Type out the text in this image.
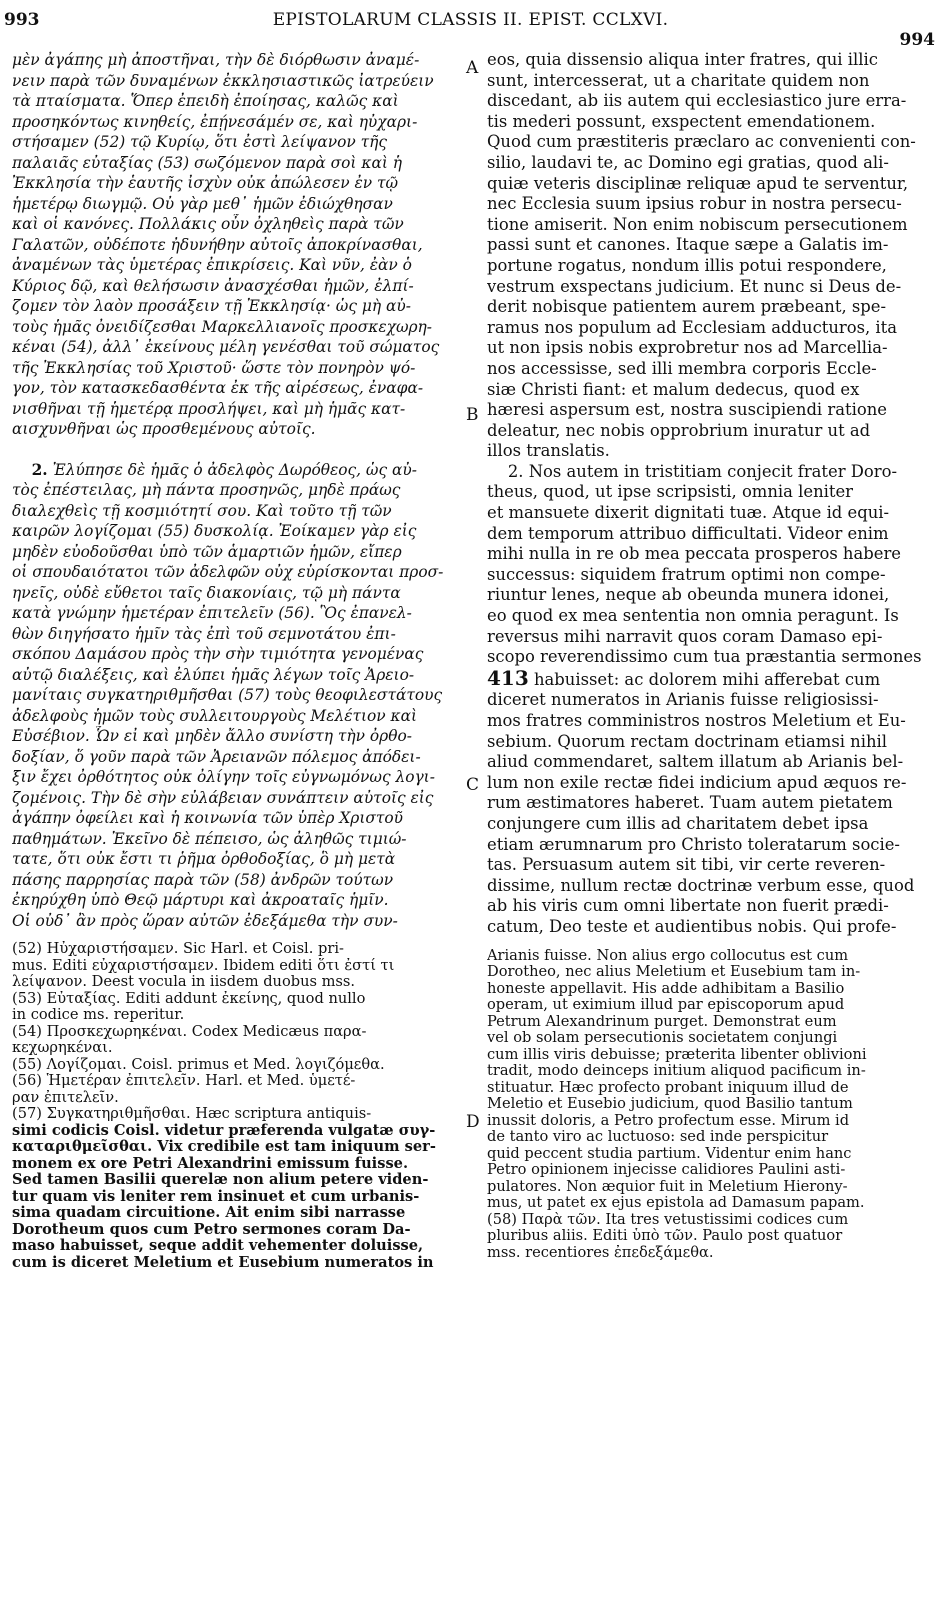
993	EPISTOLARUM CLASSIS II. EPIST. CCLXVI.
994
A
B
C
D
μὲν ἀγάπης μὴ ἀποστῆναι, τὴν δὲ διόρθωσιν ἀναμέ-
νειν παρὰ τῶν δυναμένων ἐκκλησιαστικῶς ἰατρεύειν
τὰ πταίσματα. Ὅπερ ἐπειδὴ ἐποίησας, καλῶς καὶ
προσηκόντως κινηθείς, ἐπῄνεσάμέν σε, καὶ ηὐχαρι-
στήσαμεν (52) τῷ Κυρίῳ, ὅτι ἐστὶ λείψανον τῆς
παλαιᾶς εὐταξίας (53) σωζόμενον παρὰ σοὶ καὶ ἡ
Ἐκκλησία τὴν ἑαυτῆς ἰσχὺν οὐκ ἀπώλεσεν ἐν τῷ
ἡμετέρῳ διωγμῷ. Οὐ γὰρ μεθ᾽ ἡμῶν ἐδιώχθησαν
καὶ οἱ κανόνες. Πολλάκις οὖν ὀχληθεὶς παρὰ τῶν
Γαλατῶν, οὐδέποτε ἠδυνήθην αὐτοῖς ἀποκρίνασθαι,
ἀναμένων τὰς ὑμετέρας ἐπικρίσεις. Καὶ νῦν, ἐὰν ὁ
Κύριος δῷ, καὶ θελήσωσιν ἀνασχέσθαι ἡμῶν, ἐλπί-
ζομεν τὸν λαὸν προσάξειν τῇ Ἐκκλησίᾳ· ὡς μὴ αὐ-
τοὺς ἡμᾶς ὀνειδίζεσθαι Μαρκελλιανοῖς προσκεχωρη-
κέναι (54), ἀλλ᾽ ἐκείνους μέλη γενέσθαι τοῦ σώματος
τῆς Ἐκκλησίας τοῦ Χριστοῦ· ὥστε τὸν πονηρὸν ψό-
γον, τὸν κατασκεδασθέντα ἐκ τῆς αἱρέσεως, ἐναφα-
νισθῆναι τῇ ἡμετέρᾳ προσλήψει, καὶ μὴ ἡμᾶς κατ-
αισχυνθῆναι ὡς προσθεμένους αὐτοῖς.
2. Ἐλύπησε δὲ ἡμᾶς ὁ ἀδελφὸς Δωρόθεος, ὡς αὐ-
τὸς ἐπέστειλας, μὴ πάντα προσηνῶς, μηδὲ πράως
διαλεχθεὶς τῇ κοσμιότητί σου. Καὶ τοῦτο τῇ τῶν
καιρῶν λογίζομαι (55) δυσκολίᾳ. Ἐοίκαμεν γὰρ εἰς
μηδὲν εὐοδοῦσθαι ὑπὸ τῶν ἁμαρτιῶν ἡμῶν, εἴπερ
οἱ σπουδαιότατοι τῶν ἀδελφῶν οὐχ εὑρίσκονται προσ-
ηνεῖς, οὐδὲ εὔθετοι ταῖς διακονίαις, τῷ μὴ πάντα
κατὰ γνώμην ἡμετέραν ἐπιτελεῖν (56). Ὃς ἐπανελ-
θὼν διηγήσατο ἡμῖν τὰς ἐπὶ τοῦ σεμνοτάτου ἐπι-
σκόπου Δαμάσου πρὸς τὴν σὴν τιμιότητα γενομένας
αὐτῷ διαλέξεις, καὶ ἐλύπει ἡμᾶς λέγων τοῖς Ἀρειο-
μανίταις συγκατηριθμῆσθαι (57) τοὺς θεοφιλεστάτους
ἀδελφοὺς ἡμῶν τοὺς συλλειτουργοὺς Μελέτιον καὶ
Εὐσέβιον. Ὧν εἰ καὶ μηδὲν ἄλλο συνίστη τὴν ὀρθο-
δοξίαν, ὅ γοῦν παρὰ τῶν Ἀρειανῶν πόλεμος ἀπόδει-
ξιν ἔχει ὀρθότητος οὐκ ὀλίγην τοῖς εὐγνωμόνως λογι-
ζομένοις. Τὴν δὲ σὴν εὐλάβειαν συνάπτειν αὐτοῖς εἰς
ἀγάπην ὀφείλει καὶ ἡ κοινωνία τῶν ὑπὲρ Χριστοῦ
παθημάτων. Ἐκεῖνο δὲ πέπεισο, ὡς ἀληθῶς τιμιώ-
τατε, ὅτι οὐκ ἔστι τι ῥῆμα ὀρθοδοξίας, ὃ μὴ μετὰ
πάσης παρρησίας παρὰ τῶν (58) ἀνδρῶν τούτων
ἐκηρύχθη ὑπὸ Θεῷ μάρτυρι καὶ ἀκροαταῖς ἡμῖν.
Οἱ οὐδ᾽ ἂν πρὸς ὥραν αὐτῶν ἐδεξάμεθα τὴν συν-
(52) Ηὐχαριστήσαμεν. Sic Harl. et Coisl. pri-
mus. Editi εὐχαριστήσαμεν. Ibidem editi ὅτι ἐστί τι
λείψανον. Deest vocula in iisdem duobus mss.
(53) Εὐταξίας. Editi addunt ἐκείνης, quod nullo
in codice ms. reperitur.
(54) Προσκεχωρηκέναι. Codex Medicæus παρα-
κεχωρηκέναι.
(55) Λογίζομαι. Coisl. primus et Med. λογιζόμεθα.
(56) Ἡμετέραν ἐπιτελεῖν. Harl. et Med. ὑμετέ-
ραν ἐπιτελεῖν.
(57) Συγκατηριθμῆσθαι. Hæc scriptura antiquis-
simi codicis Coisl. videtur præferenda vulgatæ συγ-
καταριθμεῖσθαι. Vix credibile est tam iniquum ser-
monem ex ore Petri Alexandrini emissum fuisse.
Sed tamen Basilii querelæ non alium petere viden-
tur quam vis leniter rem insinuet et cum urbanis-
sima quadam circuitione. Ait enim sibi narrasse
Dorotheum quos cum Petro sermones coram Da-
maso habuisset, seque addit vehementer doluisse,
cum is diceret Meletium et Eusebium numeratos in
eos, quia dissensio aliqua inter fratres, qui illic
sunt, intercesserat, ut a charitate quidem non
discedant, ab iis autem qui ecclesiastico jure erra-
tis mederi possunt, exspectent emendationem.
Quod cum præstiteris præclaro ac convenienti con-
silio, laudavi te, ac Domino egi gratias, quod ali-
quiæ veteris disciplinæ reliquæ apud te serventur,
nec Ecclesia suum ipsius robur in nostra persecu-
tione amiserit. Non enim nobiscum persecutionem
passi sunt et canones. Itaque sæpe a Galatis im-
portune rogatus, nondum illis potui respondere,
vestrum exspectans judicium. Et nunc si Deus de-
derit nobisque patientem aurem præbeant, spe-
ramus nos populum ad Ecclesiam adducturos, ita
ut non ipsis nobis exprobretur nos ad Marcellia-
nos accessisse, sed illi membra corporis Eccle-
siæ Christi fiant: et malum dedecus, quod ex
hæresi aspersum est, nostra suscipiendi ratione
deleatur, nec nobis opprobrium inuratur ut ad
illos translatis.
2. Nos autem in tristitiam conjecit frater Doro-
theus, quod, ut ipse scripsisti, omnia leniter
et mansuete dixerit dignitati tuæ. Atque id equi-
dem temporum attribuo difficultati. Videor enim
mihi nulla in re ob mea peccata prosperos habere
successus: siquidem fratrum optimi non compe-
riuntur lenes, neque ab obeunda munera idonei,
eo quod ex mea sententia non omnia peragunt. Is
reversus mihi narravit quos coram Damaso epi-
scopo reverendissimo cum tua præstantia sermones
413 habuisset: ac dolorem mihi afferebat cum
diceret numeratos in Arianis fuisse religiosissi-
mos fratres comministros nostros Meletium et Eu-
sebium. Quorum rectam doctrinam etiamsi nihil
aliud commendaret, saltem illatum ab Arianis bel-
lum non exile rectæ fidei indicium apud æquos re-
rum æstimatores haberet. Tuam autem pietatem
conjungere cum illis ad charitatem debet ipsa
etiam ærumnarum pro Christo toleratarum socie-
tas. Persuasum autem sit tibi, vir certe reveren-
dissime, nullum rectæ doctrinæ verbum esse, quod
ab his viris cum omni libertate non fuerit prædi-
catum, Deo teste et audientibus nobis. Qui profe-
Arianis fuisse. Non alius ergo collocutus est cum
Dorotheo, nec alius Meletium et Eusebium tam in-
honeste appellavit. His adde adhibitam a Basilio
operam, ut eximium illud par episcoporum apud
Petrum Alexandrinum purget. Demonstrat eum
vel ob solam persecutionis societatem conjungi
cum illis viris debuisse; præterita libenter oblivioni
tradit, modo deinceps initium aliquod pacificum in-
stituatur. Hæc profecto probant iniquum illud de
Meletio et Eusebio judicium, quod Basilio tantum
inussit doloris, a Petro profectum esse. Mirum id
de tanto viro ac luctuoso: sed inde perspicitur
quid peccent studia partium. Videntur enim hanc
Petro opinionem injecisse calidiores Paulini asti-
pulatores. Non æquior fuit in Meletium Hierony-
mus, ut patet ex ejus epistola ad Damasum papam.
(58) Παρὰ τῶν. Ita tres vetustissimi codices cum
pluribus aliis. Editi ὑπὸ τῶν. Paulo post quatuor
mss. recentiores ἐπεδεξάμεθα.
